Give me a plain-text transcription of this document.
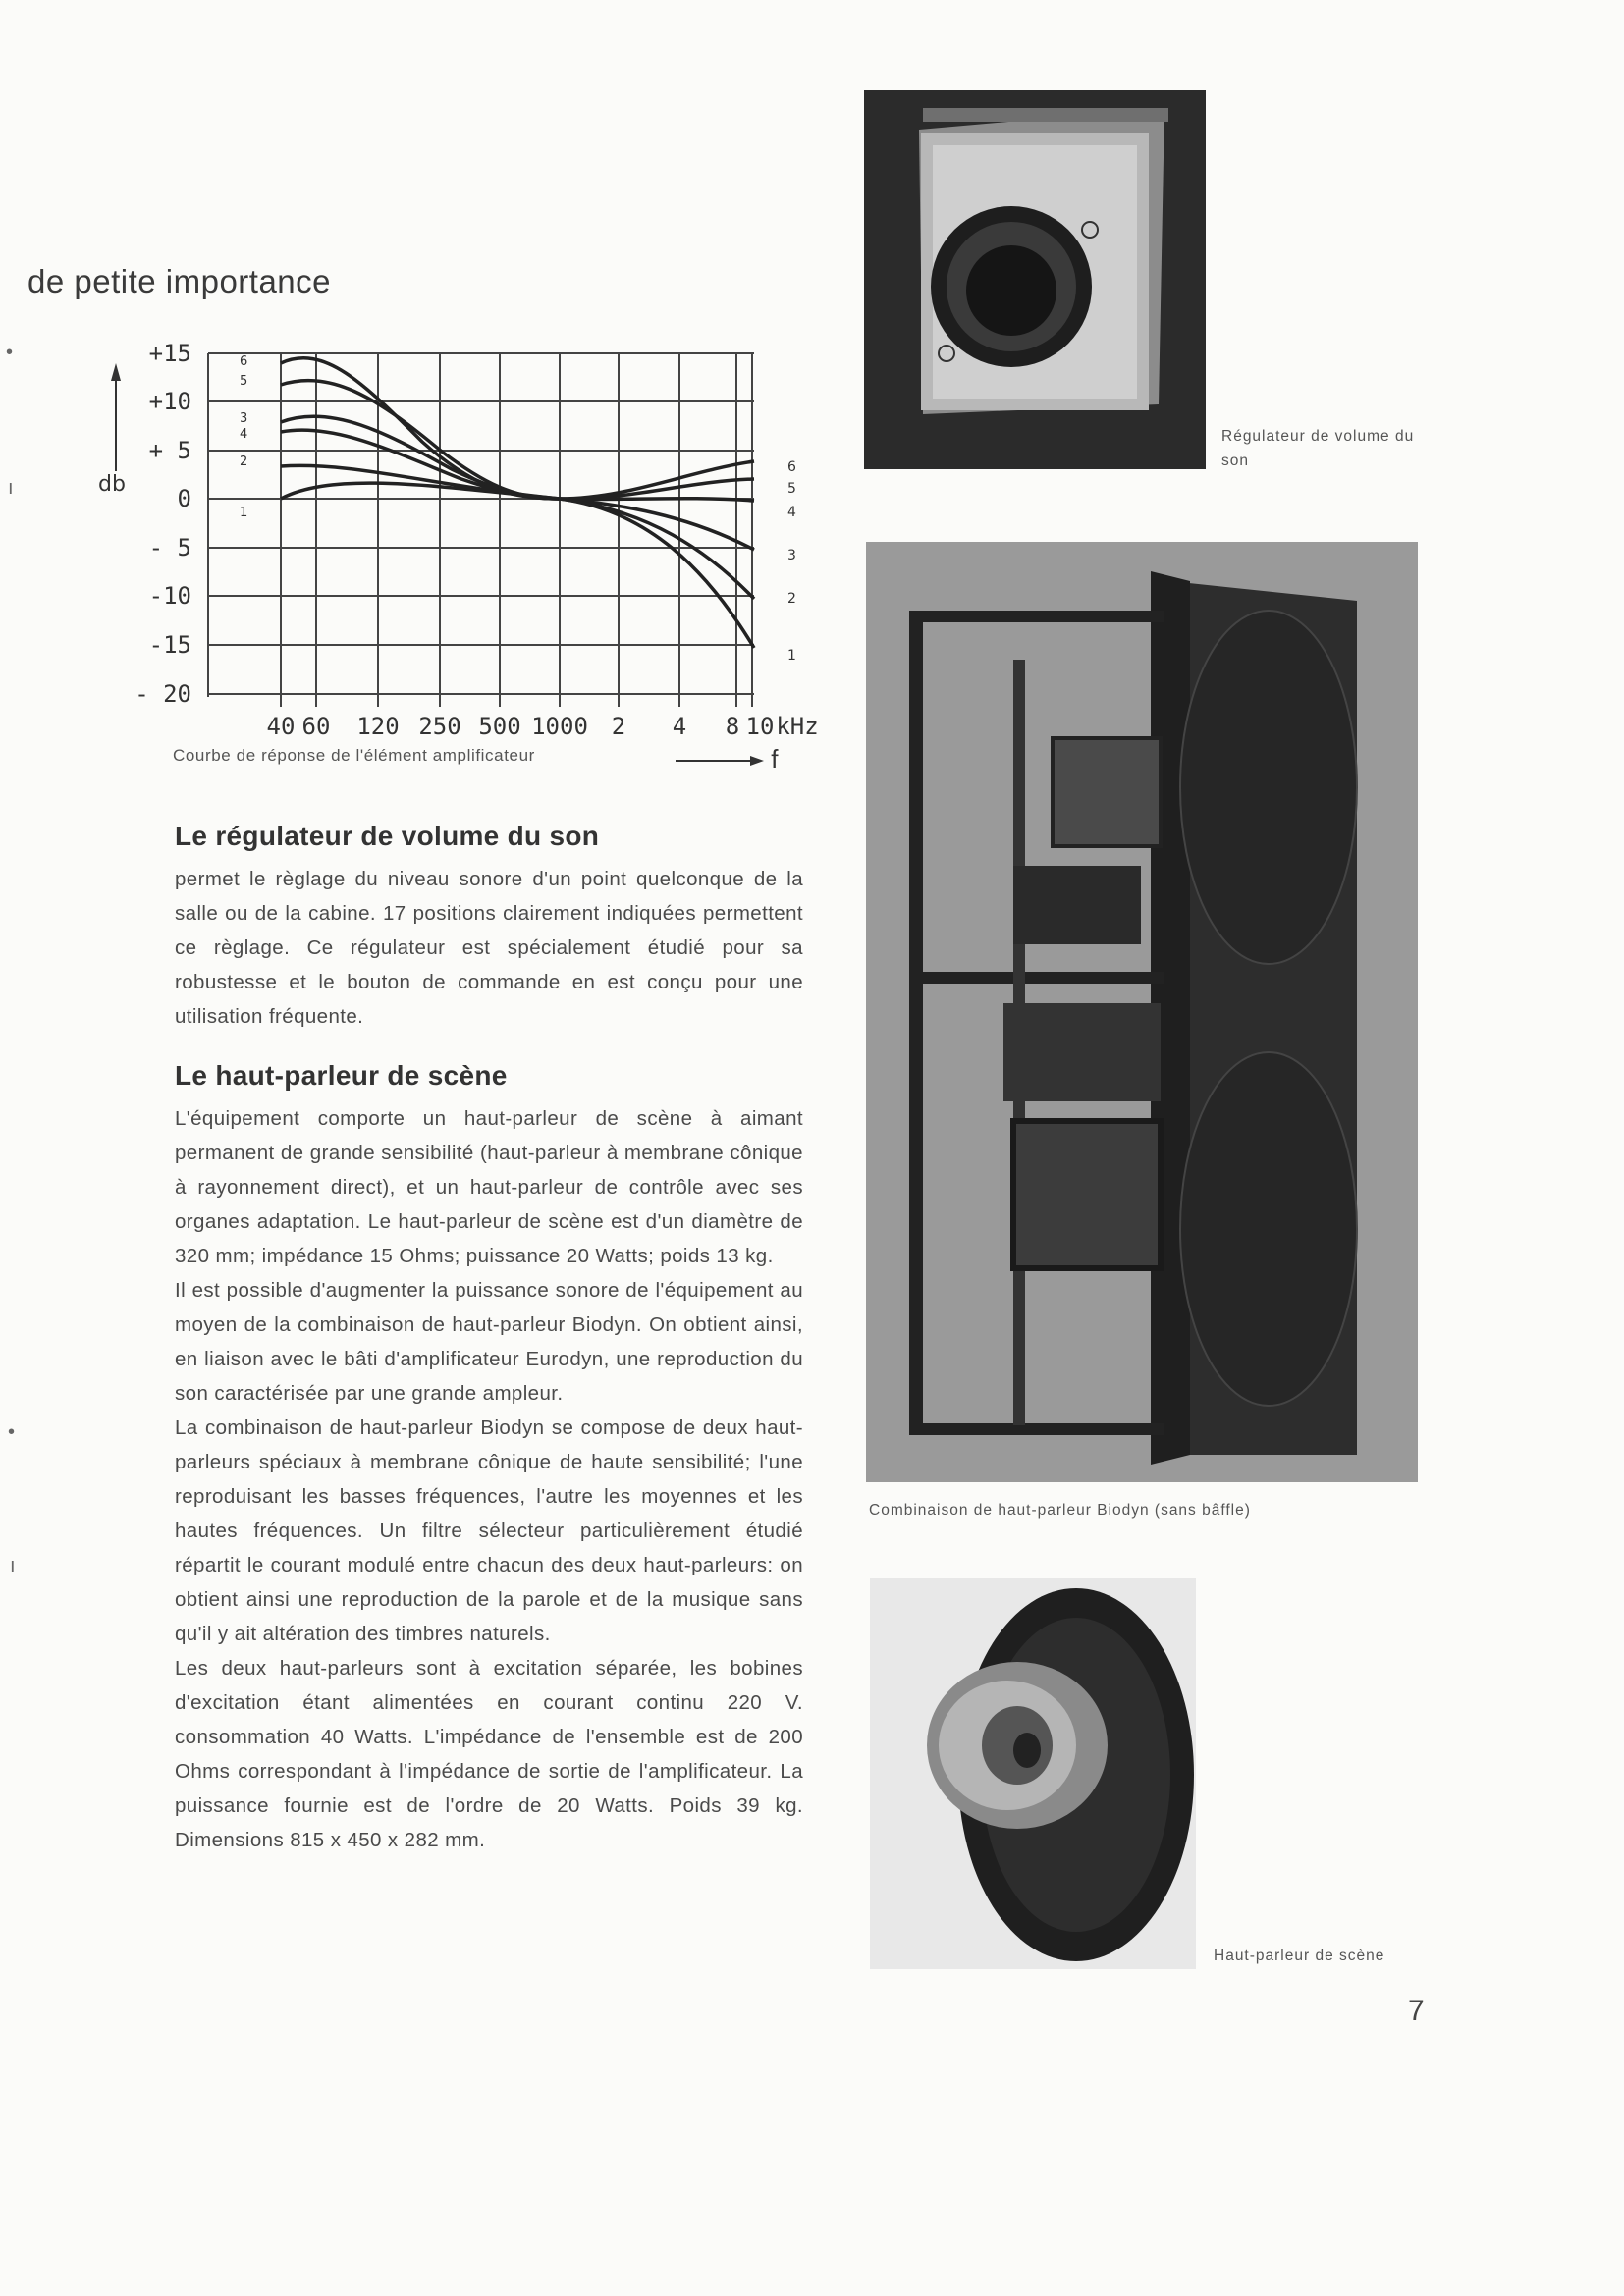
•
ı
•
ı
de petite importance
db
+15
+10
+ 5
0
- 5
-10
-15
- 20
6
5
3
4
2
1
6
5
4
3
2
1
40 60 120 250 500 1000 2 4 8 10 kHz
Courbe de réponse de l'élément amplificateur	f
Le régulateur de volume du son

permet le règlage du niveau sonore d'un point quelconque de la salle ou de la cabine. 17 positions clairement indiquées permettent ce règlage. Ce régulateur est spécialement étudié pour sa robustesse et le bouton de commande en est conçu pour une utilisation fréquente.

Le haut-parleur de scène

L'équipement comporte un haut-parleur de scène à aimant permanent de grande sensibilité (haut-parleur à membrane cônique à rayonnement direct), et un haut-parleur de contrôle avec ses organes adaptation. Le haut-parleur de scène est d'un diamètre de 320 mm; impédance 15 Ohms; puissance 20 Watts; poids 13 kg.

Il est possible d'augmenter la puissance sonore de l'équipement au moyen de la combinaison de haut-parleur Biodyn. On obtient ainsi, en liaison avec le bâti d'amplificateur Eurodyn, une reproduction du son caractérisée par une grande ampleur.

La combinaison de haut-parleur Biodyn se compose de deux haut-parleurs spéciaux à membrane cônique de haute sensibilité; l'une reproduisant les basses fréquences, l'autre les moyennes et les hautes fréquences. Un filtre sélecteur particulièrement étudié répartit le courant modulé entre chacun des deux haut-parleurs: on obtient ainsi une reproduction de la parole et de la musique sans qu'il y ait altération des timbres naturels.

Les deux haut-parleurs sont à excitation séparée, les bobines d'excitation étant alimentées en courant continu 220 V. consommation 40 Watts. L'impédance de l'ensemble est de 200 Ohms correspondant à l'impédance de sortie de l'amplificateur. La puissance fournie est de l'ordre de 20 Watts. Poids 39 kg. Dimensions 815 x 450 x 282 mm.

Régulateur de volume du son
Combinaison de haut-parleur Biodyn (sans bâffle)
Haut-parleur de scène
7
